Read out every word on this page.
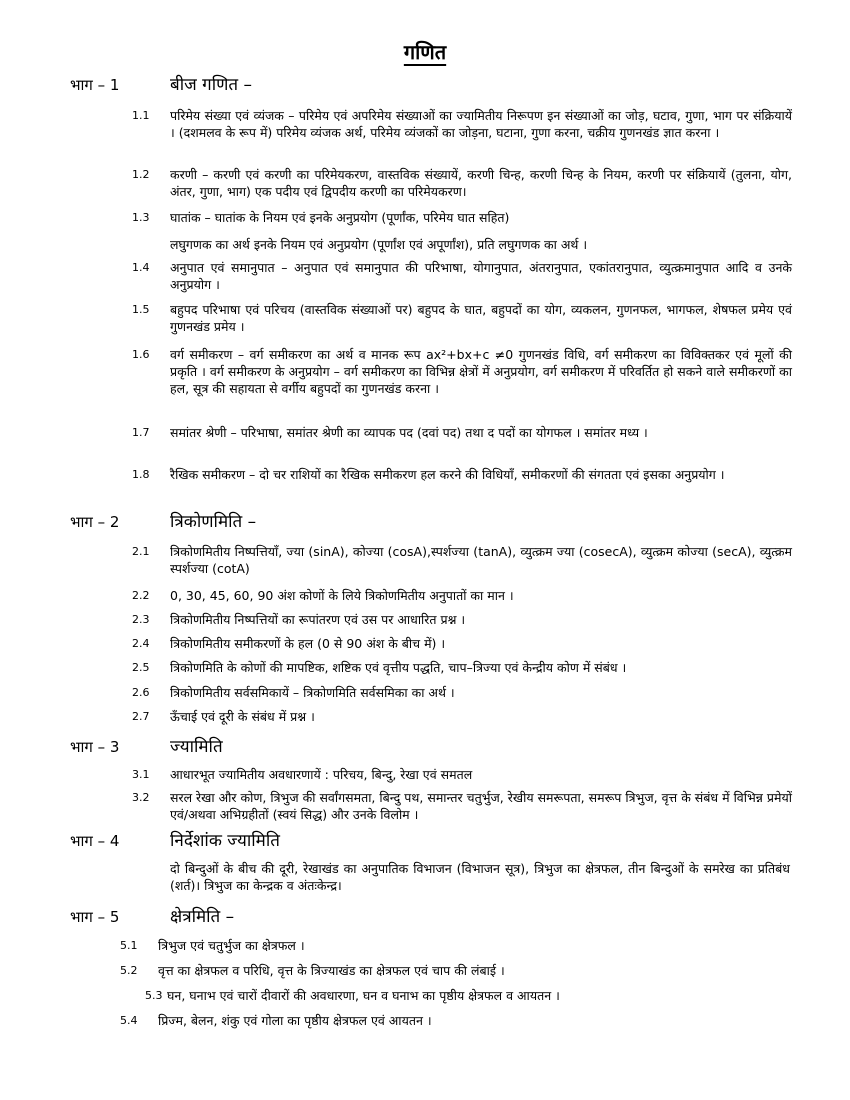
गणित
भाग – 1	बीज गणित –
1.1 परिमेय संख्या एवं व्यंजक – परिमेय एवं अपरिमेय संख्याओं का ज्यामितीय निरूपण इन संख्याओं का जोड़, घटाव, गुणा, भाग पर संक्रियायें । (दशमलव के रूप में) परिमेय व्यंजक अर्थ, परिमेय व्यंजकों का जोड़ना, घटाना, गुणा करना, चक्रीय गुणनखंड ज्ञात करना ।
1.2 करणी – करणी एवं करणी का परिमेयकरण, वास्तविक संख्यायें, करणी चिन्ह, करणी चिन्ह के नियम, करणी पर संक्रियायें (तुलना, योग, अंतर, गुणा, भाग) एक पदीय एवं द्विपदीय करणी का परिमेयकरण।
1.3 घातांक – घातांक के नियम एवं इनके अनुप्रयोग (पूर्णांक, परिमेय घात सहित)

लघुगणक का अर्थ इनके नियम एवं अनुप्रयोग (पूर्णांश एवं अपूर्णांश), प्रति लघुगणक का अर्थ ।

1.4 अनुपात एवं समानुपात – अनुपात एवं समानुपात की परिभाषा, योगानुपात, अंतरानुपात, एकांतरानुपात, व्युत्क्रमानुपात आदि व उनके अनुप्रयोग ।
1.5 बहुपद परिभाषा एवं परिचय (वास्तविक संख्याओं पर) बहुपद के घात, बहुपदों का योग, व्यकलन, गुणनफल, भागफल, शेषफल प्रमेय एवं गुणनखंड प्रमेय ।
1.6 वर्ग समीकरण – वर्ग समीकरण का अर्थ व मानक रूप ax²+bx+c ≠0 गुणनखंड विधि, वर्ग समीकरण का विविक्तकर एवं मूलों की प्रकृति । वर्ग समीकरण के अनुप्रयोग – वर्ग समीकरण का विभिन्न क्षेत्रों में अनुप्रयोग, वर्ग समीकरण में परिवर्तित हो सकने वाले समीकरणों का हल, सूत्र की सहायता से वर्गीय बहुपदों का गुणनखंड करना ।
1.7 समांतर श्रेणी – परिभाषा, समांतर श्रेणी का व्यापक पद (दवां पद) तथा द पदों का योगफल । समांतर मध्य ।
1.8 रैखिक समीकरण – दो चर राशियों का रैखिक समीकरण हल करने की विधियाँ, समीकरणों की संगतता एवं इसका अनुप्रयोग ।
भाग – 2	त्रिकोणमिति –
2.1 त्रिकोणमितीय निष्पत्तियाँ, ज्या (sinA), कोज्या (cosA),स्पर्शज्या (tanA), व्युत्क्रम ज्या (cosecA), व्युत्क्रम कोज्या (secA), व्युत्क्रम स्पर्शज्या (cotA)
2.2 0, 30, 45, 60, 90 अंश कोणों के लिये त्रिकोणमितीय अनुपातों का मान ।
2.3 त्रिकोणमितीय निष्पत्तियों का रूपांतरण एवं उस पर आधारित प्रश्न ।
2.4 त्रिकोणमितीय समीकरणों के हल (0 से 90 अंश के बीच में) ।
2.5 त्रिकोणमिति के कोणों की मापष्टिक, शष्टिक एवं वृत्तीय पद्धति, चाप–त्रिज्या एवं केन्द्रीय कोण में संबंध ।
2.6 त्रिकोणमितीय सर्वसमिकायें – त्रिकोणमिति सर्वसमिका का अर्थ ।
2.7 ऊँचाई एवं दूरी के संबंध में प्रश्न ।
भाग – 3	ज्यामिति
3.1 आधारभूत ज्यामितीय अवधारणायें : परिचय, बिन्दु, रेखा एवं समतल
3.2 सरल रेखा और कोण, त्रिभुज की सर्वांगसमता, बिन्दु पथ, समान्तर चतुर्भुज, रेखीय समरूपता, समरूप त्रिभुज, वृत्त के संबंध में विभिन्न प्रमेयों एवं/अथवा अभिग्रहीतों (स्वयं सिद्ध) और उनके विलोम ।
भाग – 4	निर्देशांक ज्यामिति
दो बिन्दुओं के बीच की दूरी, रेखाखंड का अनुपातिक विभाजन (विभाजन सूत्र), त्रिभुज का क्षेत्रफल, तीन बिन्दुओं के समरेख का प्रतिबंध (शर्त)। त्रिभुज का केन्द्रक व अंतःकेन्द्र।
भाग – 5	क्षेत्रमिति –
5.1 त्रिभुज एवं चतुर्भुज का क्षेत्रफल ।
5.2 वृत्त का क्षेत्रफल व परिधि, वृत्त के त्रिज्याखंड का क्षेत्रफल एवं चाप की लंबाई ।
5.3 घन, घनाभ एवं चारों दीवारों की अवधारणा, घन व घनाभ का पृष्ठीय क्षेत्रफल व आयतन ।
5.4 प्रिज्म, बेलन, शंकु एवं गोला का पृष्ठीय क्षेत्रफल एवं आयतन ।
